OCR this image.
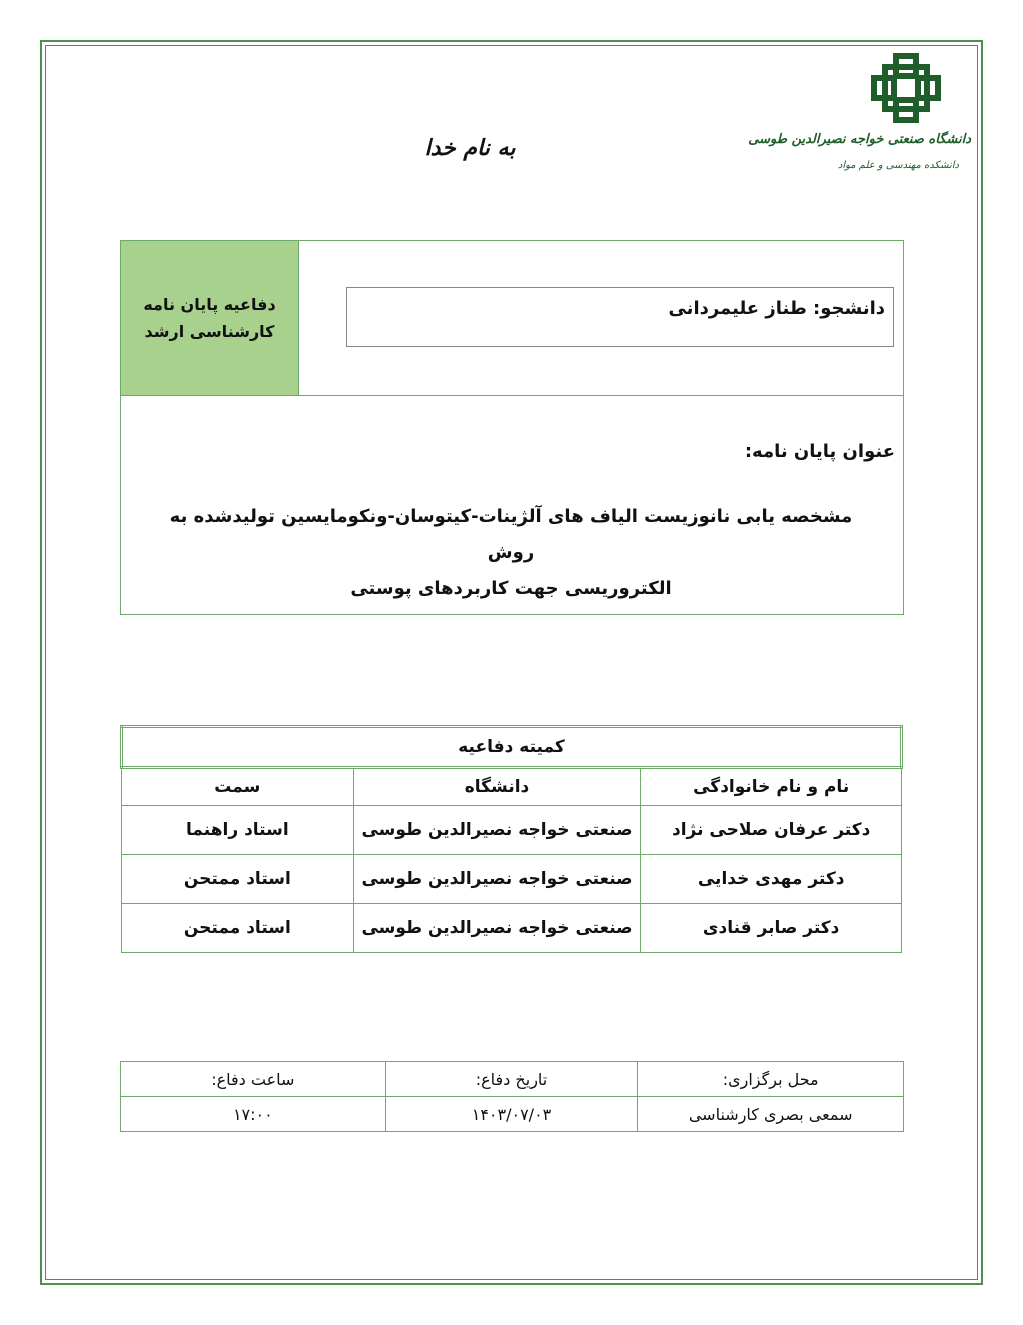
به نام خدا	دانشگاه صنعتی خواجه نصیرالدین طوسی
دانشکده مهندسی و علم مواد
دفاعیه پایان نامه
کارشناسی ارشد
دانشجو: طناز علیمردانی
عنوان پایان نامه:
مشخصه یابی نانوزیست الیاف های آلژینات-کیتوسان-ونکومایسین تولیدشده به روش
الکتروریسی جهت کاربردهای پوستی
کمیته دفاعیه		
نام و نام خانوادگی	دانشگاه	سمت
دکتر عرفان صلاحی نژاد	صنعتی خواجه نصیرالدین طوسی	استاد راهنما
دکتر مهدی خدایی	صنعتی خواجه نصیرالدین طوسی	استاد ممتحن
دکتر صابر قنادی	صنعتی خواجه نصیرالدین طوسی	استاد ممتحن
محل برگزاری:	تاریخ دفاع:	ساعت دفاع:
سمعی بصری کارشناسی	۱۴۰۳/۰۷/۰۳	۱۷:۰۰
